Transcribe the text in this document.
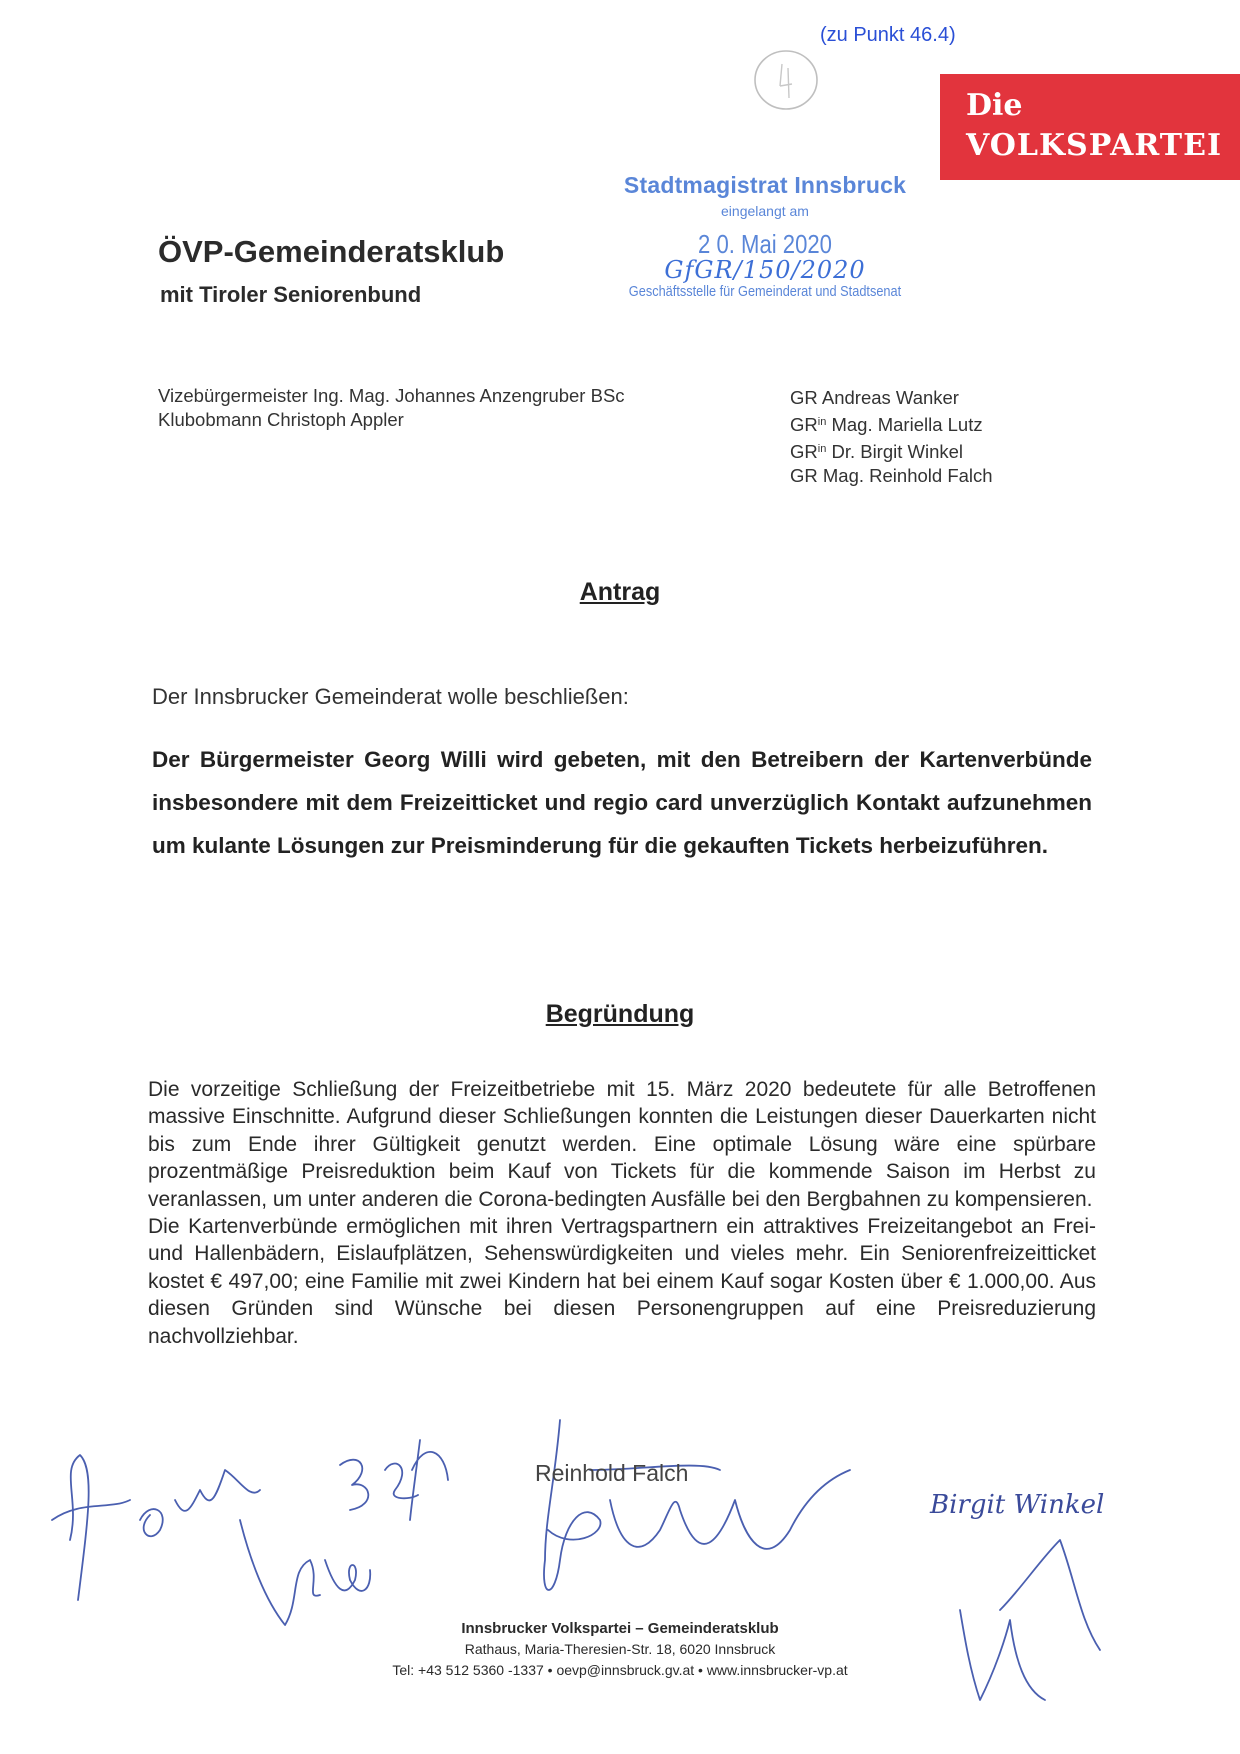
(zu Punkt 46.4)
Die
VOLKSPARTEI
Stadtmagistrat Innsbruck
eingelangt am
2 0. Mai 2020
GfGR/150/2020
Geschäftsstelle für Gemeinderat und Stadtsenat
ÖVP-Gemeinderatsklub
mit Tiroler Seniorenbund
Vizebürgermeister Ing. Mag. Johannes Anzengruber BSc
Klubobmann Christoph Appler
GR Andreas Wanker
$GR^{in}$ Mag. Mariella Lutz
$GR^{in}$ Dr. Birgit Winkel
GR Mag. Reinhold Falch
Antrag
Der Innsbrucker Gemeinderat wolle beschließen:
Der Bürgermeister Georg Willi wird gebeten, mit den Betreibern der Kartenverbünde insbesondere mit dem Freizeitticket und regio card unverzüglich Kontakt aufzunehmen um kulante Lösungen zur Preisminderung für die gekauften Tickets herbeizuführen.
Begründung

Die vorzeitige Schließung der Freizeitbetriebe mit 15. März 2020 bedeutete für alle Betroffenen massive Einschnitte. Aufgrund dieser Schließungen konnten die Leistungen dieser Dauerkarten nicht bis zum Ende ihrer Gültigkeit genutzt werden. Eine optimale Lösung wäre eine spürbare prozentmäßige Preisreduktion beim Kauf von Tickets für die kommende Saison im Herbst zu veranlassen, um unter anderen die Corona-bedingten Ausfälle bei den Bergbahnen zu kompensieren.

Die Kartenverbünde ermöglichen mit ihren Vertragspartnern ein attraktives Freizeitangebot an Frei- und Hallenbädern, Eislaufplätzen, Sehenswürdigkeiten und vieles mehr. Ein Seniorenfreizeitticket kostet € 497,00; eine Familie mit zwei Kindern hat bei einem Kauf sogar Kosten über € 1.000,00. Aus diesen Gründen sind Wünsche bei diesen Personengruppen auf eine Preisreduzierung nachvollziehbar.

Reinhold Falch
Birgit Winkel
Innsbrucker Volkspartei – Gemeinderatsklub
Rathaus, Maria-Theresien-Str. 18, 6020 Innsbruck
Tel: +43 512 5360 -1337 • oevp@innsbruck.gv.at • www.innsbrucker-vp.at
